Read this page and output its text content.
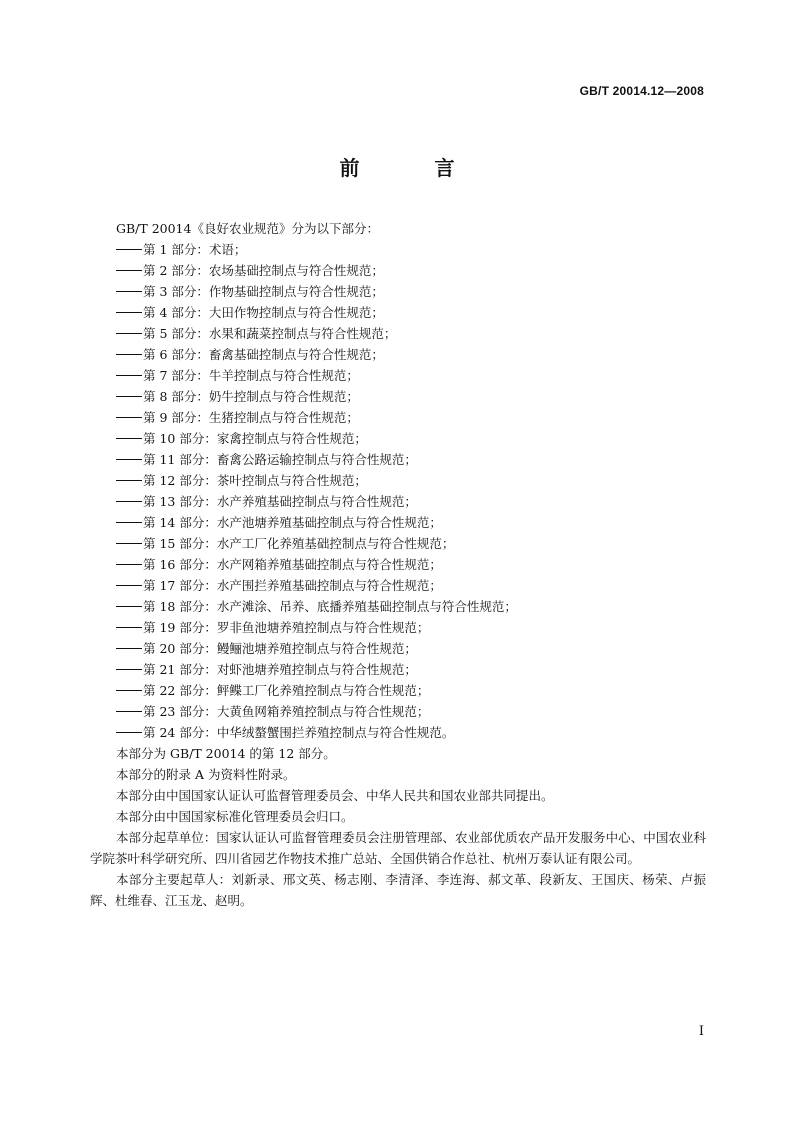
GB/T 20014.12—2008
前 言

GB/T 20014《良好农业规范》分为以下部分：

第 1 部分：术语；
第 2 部分：农场基础控制点与符合性规范；
第 3 部分：作物基础控制点与符合性规范；
第 4 部分：大田作物控制点与符合性规范；
第 5 部分：水果和蔬菜控制点与符合性规范；
第 6 部分：畜禽基础控制点与符合性规范；
第 7 部分：牛羊控制点与符合性规范；
第 8 部分：奶牛控制点与符合性规范；
第 9 部分：生猪控制点与符合性规范；
第 10 部分：家禽控制点与符合性规范；
第 11 部分：畜禽公路运输控制点与符合性规范；
第 12 部分：茶叶控制点与符合性规范；
第 13 部分：水产养殖基础控制点与符合性规范；
第 14 部分：水产池塘养殖基础控制点与符合性规范；
第 15 部分：水产工厂化养殖基础控制点与符合性规范；
第 16 部分：水产网箱养殖基础控制点与符合性规范；
第 17 部分：水产围拦养殖基础控制点与符合性规范；
第 18 部分：水产滩涂、吊养、底播养殖基础控制点与符合性规范；
第 19 部分：罗非鱼池塘养殖控制点与符合性规范；
第 20 部分：鳗鲡池塘养殖控制点与符合性规范；
第 21 部分：对虾池塘养殖控制点与符合性规范；
第 22 部分：鲆鲽工厂化养殖控制点与符合性规范；
第 23 部分：大黄鱼网箱养殖控制点与符合性规范；
第 24 部分：中华绒螯蟹围拦养殖控制点与符合性规范。

本部分为 GB/T 20014 的第 12 部分。

本部分的附录 A 为资料性附录。

本部分由中国国家认证认可监督管理委员会、中华人民共和国农业部共同提出。

本部分由中国国家标准化管理委员会归口。

本部分起草单位：国家认证认可监督管理委员会注册管理部、农业部优质农产品开发服务中心、中国农业科学院茶叶科学研究所、四川省园艺作物技术推广总站、全国供销合作总社、杭州万泰认证有限公司。

本部分主要起草人：刘新录、邢文英、杨志刚、李清泽、李连海、郝文革、段新友、王国庆、杨荣、卢振辉、杜维春、江玉龙、赵明。

I
